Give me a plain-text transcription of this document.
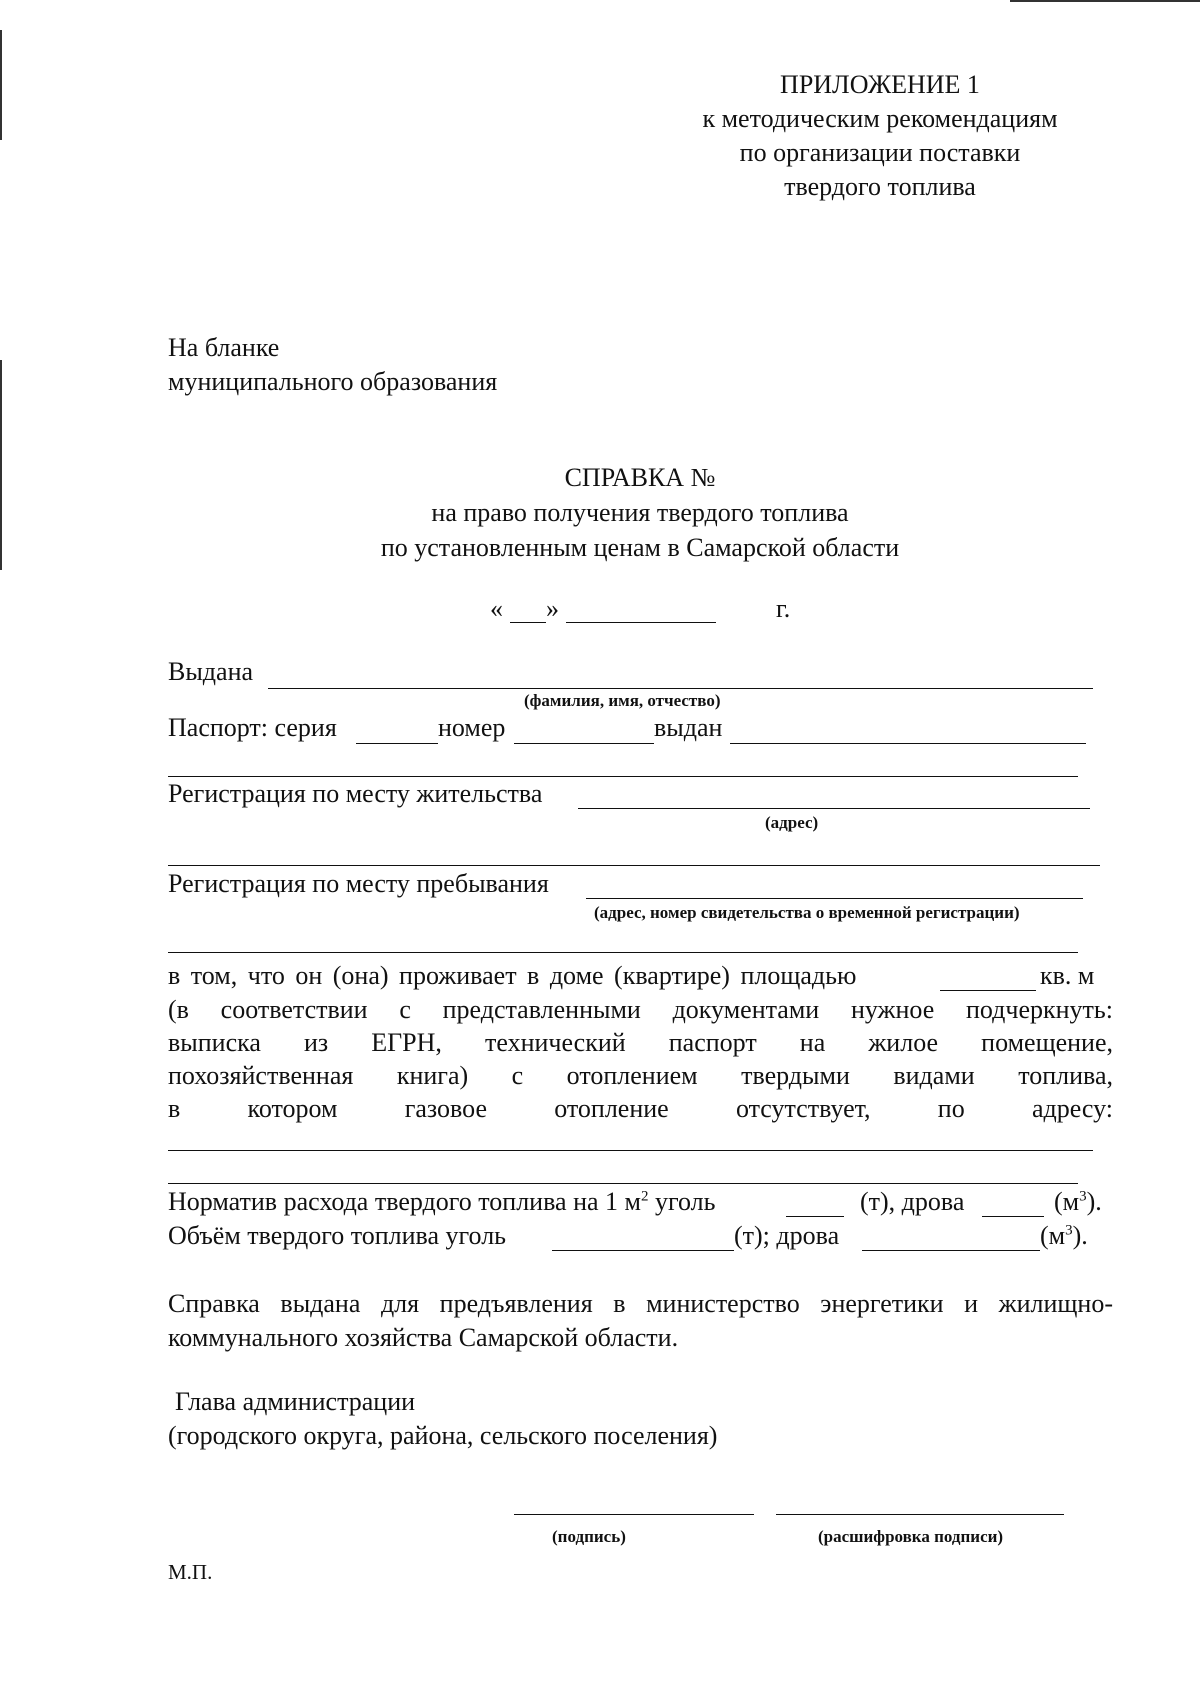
ПРИЛОЖЕНИЕ 1
к методическим рекомендациям
по организации поставки
твердого топлива
На бланке
муниципального образования
СПРАВКА №
на право получения твердого топлива
по установленным ценам в Самарской области
« »	г.
Выдана
(фамилия, имя, отчество)
Паспорт: серия	номер	выдан
Регистрация по месту жительства
(адрес)
Регистрация по месту пребывания
(адрес, номер свидетельства о временной регистрации)
в том, что он (она) проживает в доме (квартире) площадью	кв. м
(в соответствии с представленными документами нужное подчеркнуть:
выписка из ЕГРН, технический паспорт на жилое помещение,
похозяйственная книга) с отоплением твердыми видами топлива,
в котором газовое отопление отсутствует, по адресу:
Норматив расхода твердого топлива на 1 $м^2$ уголь	(т), дрова	$(м^3)$.
Объём твердого топлива уголь	(т); дрова	$(м^3)$.
Справка выдана для предъявления в министерство энергетики и жилищно-
коммунального хозяйства Самарской области.
Глава администрации
(городского округа, района, сельского поселения)
(подпись)	(расшифровка подписи)
М.П.
